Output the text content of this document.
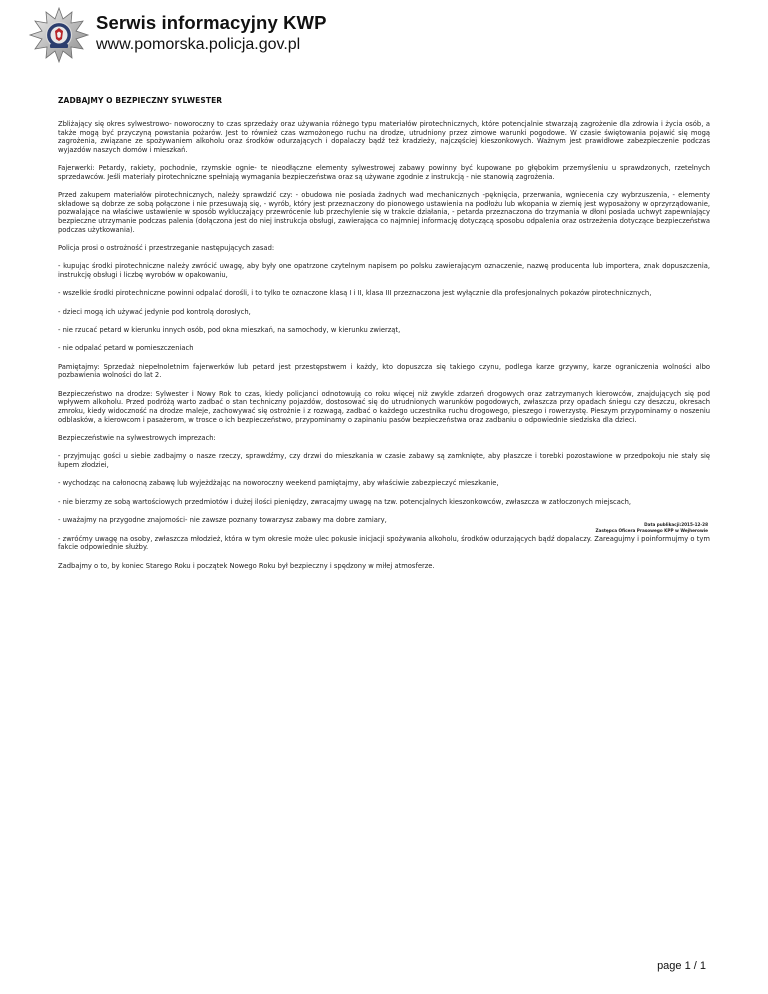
Serwis informacyjny KWP
www.pomorska.policja.gov.pl
ZADBAJMY O BEZPIECZNY SYLWESTER

Zbliżający się okres sylwestrowo- noworoczny to czas sprzedaży oraz używania różnego typu materiałów pirotechnicznych, które potencjalnie stwarzają zagrożenie dla zdrowia i życia osób, a także mogą być przyczyną powstania pożarów. Jest to również czas wzmożonego ruchu na drodze, utrudniony przez zimowe warunki pogodowe. W czasie świętowania pojawić się mogą zagrożenia, związane ze spożywaniem alkoholu oraz środków odurzających i dopalaczy bądź też kradzieży, najczęściej kieszonkowych. Ważnym jest prawidłowe zabezpieczenie podczas wyjazdów naszych domów i mieszkań.

Fajerwerki: Petardy, rakiety, pochodnie, rzymskie ognie- te nieodłączne elementy sylwestrowej zabawy powinny być kupowane po głębokim przemyśleniu u sprawdzonych, rzetelnych sprzedawców. Jeśli materiały pirotechniczne spełniają wymagania bezpieczeństwa oraz są używane zgodnie z instrukcją - nie stanowią zagrożenia.

Przed zakupem materiałów pirotechnicznych, należy sprawdzić czy: - obudowa nie posiada żadnych wad mechanicznych -pęknięcia, przerwania, wgniecenia czy wybrzuszenia, - elementy składowe są dobrze ze sobą połączone i nie przesuwają się, - wyrób, który jest przeznaczony do pionowego ustawienia na podłożu lub wkopania w ziemię jest wyposażony w oprzyrządowanie, pozwalające na właściwe ustawienie w sposób wykluczający przewrócenie lub przechylenie się w trakcie działania, - petarda przeznaczona do trzymania w dłoni posiada uchwyt zapewniający bezpieczne utrzymanie podczas palenia (dołączona jest do niej instrukcja obsługi, zawierająca co najmniej informację dotyczącą sposobu odpalenia oraz ostrzeżenia dotyczące bezpieczeństwa podczas użytkowania).

Policja prosi o ostrożność i przestrzeganie następujących zasad:

- kupując środki pirotechniczne należy zwrócić uwagę, aby były one opatrzone czytelnym napisem po polsku zawierającym oznaczenie, nazwę producenta lub importera, znak dopuszczenia, instrukcję obsługi i liczbę wyrobów w opakowaniu,

- wszelkie środki pirotechniczne powinni odpalać dorośli, i to tylko te oznaczone klasą I i II, klasa III przeznaczona jest wyłącznie dla profesjonalnych pokazów pirotechnicznych,

- dzieci mogą ich używać jedynie pod kontrolą dorosłych,

- nie rzucać petard w kierunku innych osób, pod okna mieszkań, na samochody, w kierunku zwierząt,

- nie odpalać petard w pomieszczeniach

Pamiętajmy: Sprzedaż niepełnoletnim fajerwerków lub petard jest przestępstwem i każdy, kto dopuszcza się takiego czynu, podlega karze grzywny, karze ograniczenia wolności albo pozbawienia wolności do lat 2.

Bezpieczeństwo na drodze: Sylwester i Nowy Rok to czas, kiedy policjanci odnotowują co roku więcej niż zwykle zdarzeń drogowych oraz zatrzymanych kierowców, znajdujących się pod wpływem alkoholu. Przed podróżą warto zadbać o stan techniczny pojazdów, dostosować się do utrudnionych warunków pogodowych, zwłaszcza przy opadach śniegu czy deszczu, okresach zmroku, kiedy widoczność na drodze maleje, zachowywać się ostrożnie i z rozwagą, zadbać o każdego uczestnika ruchu drogowego, pieszego i rowerzystę. Pieszym przypominamy o noszeniu odblasków, a kierowcom i pasażerom, w trosce o ich bezpieczeństwo, przypominamy o zapinaniu pasów bezpieczeństwa oraz zadbaniu o odpowiednie siedziska dla dzieci.

Bezpieczeństwie na sylwestrowych imprezach:

- przyjmując gości u siebie zadbajmy o nasze rzeczy, sprawdźmy, czy drzwi do mieszkania w czasie zabawy są zamknięte, aby płaszcze i torebki pozostawione w przedpokoju nie stały się łupem złodziei,

- wychodząc na całonocną zabawę lub wyjeżdżając na noworoczny weekend pamiętajmy, aby właściwie zabezpieczyć mieszkanie,

- nie bierzmy ze sobą wartościowych przedmiotów i dużej ilości pieniędzy, zwracajmy uwagę na tzw. potencjalnych kieszonkowców, zwłaszcza w zatłoczonych miejscach,

- uważajmy na przygodne znajomości- nie zawsze poznany towarzysz zabawy ma dobre zamiary,

- zwróćmy uwagę na osoby, zwłaszcza młodzież, która w tym okresie może ulec pokusie inicjacji spożywania alkoholu, środków odurzających bądź dopalaczy. Zareagujmy i poinformujmy o tym fakcie odpowiednie służby.

Zadbajmy o to, by koniec Starego Roku i początek Nowego Roku był bezpieczny i spędzony w miłej atmosferze.

Data publikacji:2015-12-28
Zastępca Oficera Prasowego KPP w Wejherowie
page 1 / 1
